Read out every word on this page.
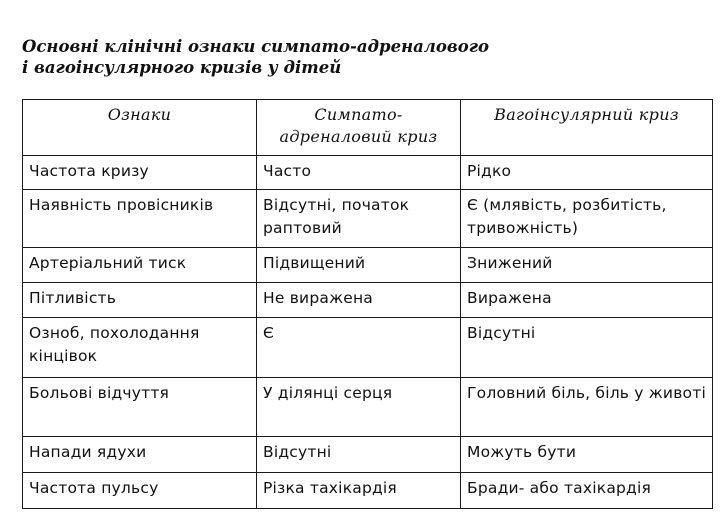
Основні клінічні ознаки симпато-адреналового
і вагоінсулярного кризів у дітей
Ознаки	Симпато-адреналовий криз	Вагоінсулярний криз
Частота кризу	Часто	Рідко
Наявність провісників	Відсутні, початок раптовий	Є (млявість, розбитість, тривожність)
Артеріальний тиск	Підвищений	Знижений
Пітливість	Не виражена	Виражена
Озноб, похолодання кінцівок	Є	Відсутні
Больові відчуття	У ділянці серця	Головний біль, біль у животі
Напади ядухи	Відсутні	Можуть бути
Частота пульсу	Різка тахікардія	Бради- або тахікардія
